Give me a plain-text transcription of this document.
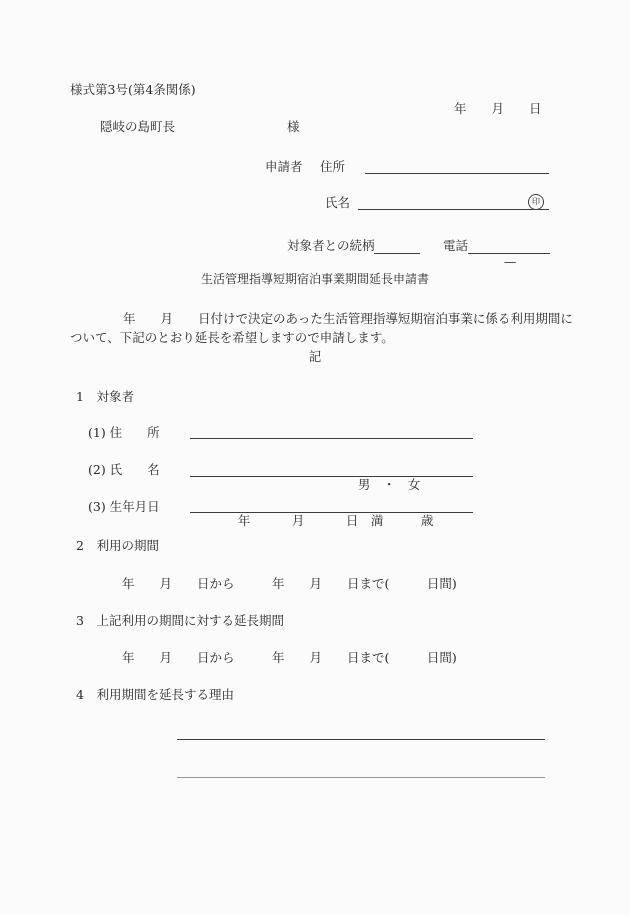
様式第3号(第4条関係)
年　　月　　日
隠岐の島町長	様
申請者 住所
氏名

	印

対象者との続柄	電話

—

生活管理指導短期宿泊事業期間延長申請書
年　　月　　日付けで決定のあった生活管理指導短期宿泊事業に係る利用期間に
ついて、下記のとおり延長を希望しますので申請します。
記
1　対象者
(1) 住　　所
(2) 氏　　名

男　・　女

(3) 生年月日

年　　　 月　　　 日　満　　　歳

2　利用の期間
年　　月　　日から　　　年　　月　　日まで(　　　日間)
3　上記利用の期間に対する延長期間
年　　月　　日から　　　年　　月　　日まで(　　　日間)
4　利用期間を延長する理由
